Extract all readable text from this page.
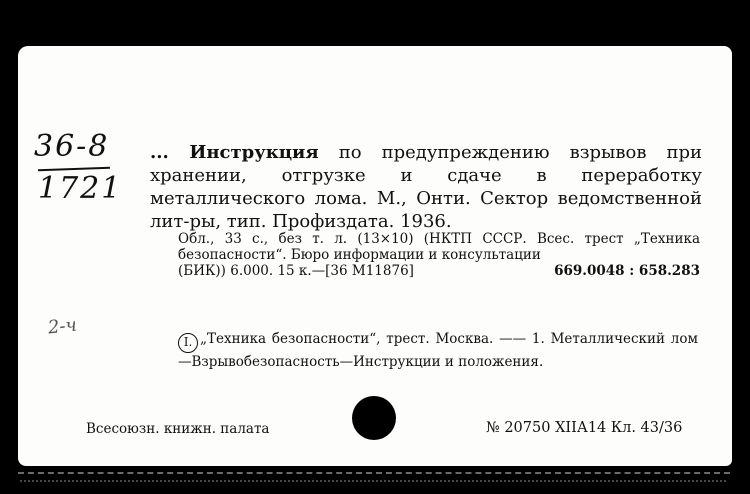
36-8
1721
2-ч
... Инструкция по предупреждению взрывов при хранении, отгрузке и сдаче в переработку металлического лома. М., Онти. Сектор ведомственной лит-ры, тип. Профиздата. 1936.
Обл., 33 с., без т. л. (13×10) (НКТП СССР. Всес. трест „Техника безопасности“. Бюро информации и консультации
(БИК)) 6.000. 15 к.—[36 М11876]	669.0048 : 658.283
I. „Техника безопасности“, трест. Москва. —— 1. Металлический лом—Взрывобезопасность—Инструкции и положения.
Всесоюзн. книжн. палата	№ 20750 XIIА14 Кл. 43/36
